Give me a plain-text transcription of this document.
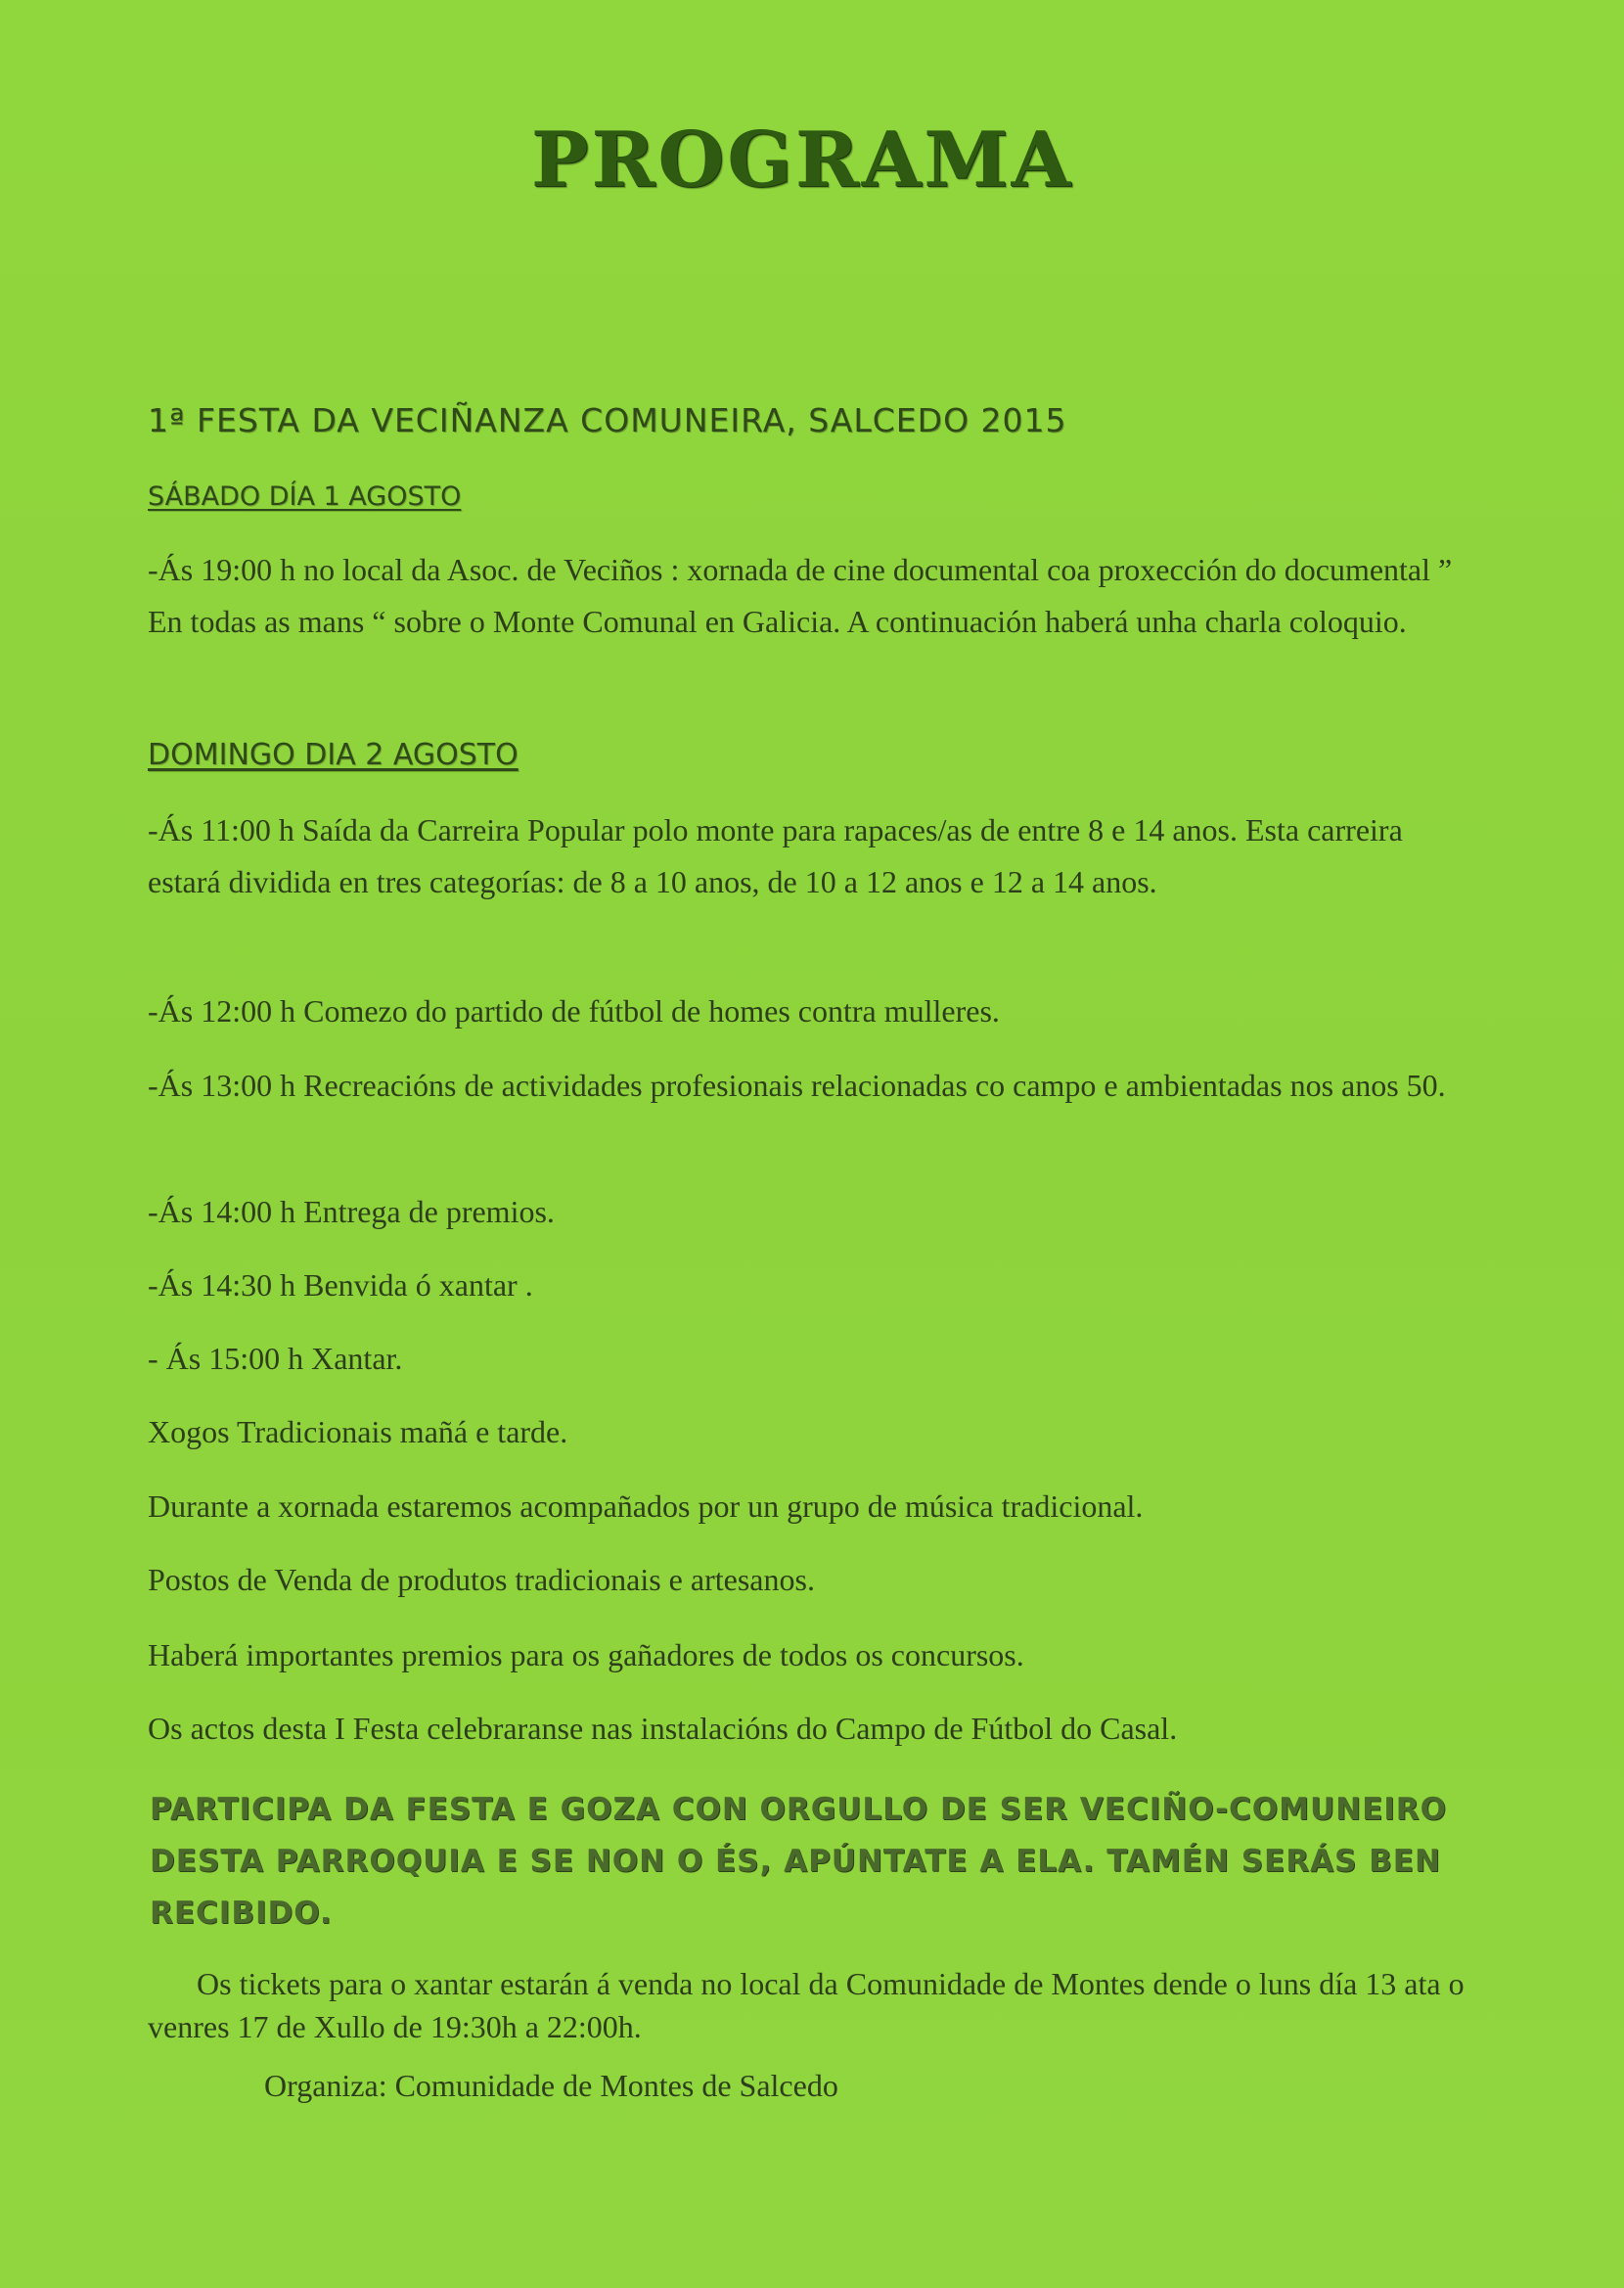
PROGRAMA
1ª FESTA DA VECIÑANZA COMUNEIRA, SALCEDO 2015
SÁBADO DÍA 1 AGOSTO
-Ás 19:00 h no local da Asoc. de Veciños : xornada de cine documental coa proxección do documental ” En todas as mans “ sobre o Monte Comunal en Galicia. A continuación haberá unha charla coloquio.
DOMINGO DIA 2 AGOSTO
-Ás 11:00 h Saída da Carreira Popular polo monte para rapaces/as de entre 8 e 14 anos. Esta carreira estará dividida en tres categorías: de 8 a 10 anos, de 10 a 12 anos e 12 a 14 anos.
-Ás 12:00 h Comezo do partido de fútbol de homes contra mulleres.
-Ás 13:00 h Recreacións de actividades profesionais relacionadas co campo e ambientadas nos anos 50.
-Ás 14:00 h Entrega de premios.
-Ás 14:30 h Benvida ó xantar .
- Ás 15:00 h Xantar.
Xogos Tradicionais mañá e tarde.
Durante a xornada estaremos acompañados por un grupo de música tradicional.
Postos de Venda de produtos tradicionais e artesanos.
Haberá importantes premios para os gañadores de todos os concursos.
Os actos desta I Festa celebraranse nas instalacións do Campo de Fútbol do Casal.
PARTICIPA DA FESTA E GOZA CON ORGULLO DE SER VECIÑO-COMUNEIRO DESTA PARROQUIA E SE NON O ÉS, APÚNTATE A ELA. TAMÉN SERÁS BEN RECIBIDO.
Os tickets para o xantar estarán á venda no local da Comunidade de Montes dende o luns día 13 ata o venres 17 de Xullo de 19:30h a 22:00h.
Organiza: Comunidade de Montes de Salcedo
